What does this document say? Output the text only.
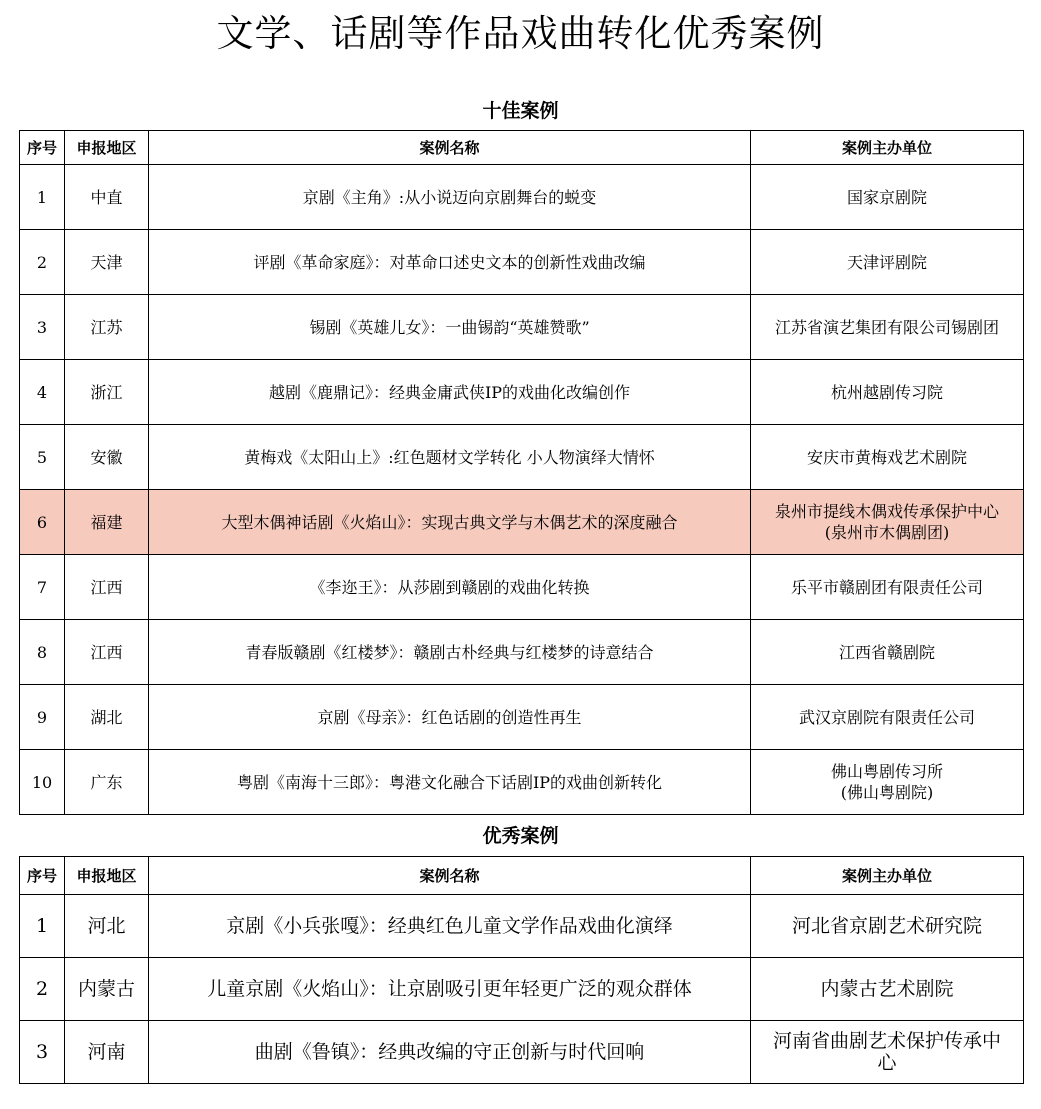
文学、话剧等作品戏曲转化优秀案例
十佳案例
序号	申报地区	案例名称	案例主办单位
1	中直	京剧《主角》:从小说迈向京剧舞台的蜕变	国家京剧院
2	天津	评剧《革命家庭》：对革命口述史文本的创新性戏曲改编	天津评剧院
3	江苏	锡剧《英雄儿女》：一曲锡韵“英雄赞歌”	江苏省演艺集团有限公司锡剧团
4	浙江	越剧《鹿鼎记》：经典金庸武侠IP的戏曲化改编创作	杭州越剧传习院
5	安徽	黄梅戏《太阳山上》:红色题材文学转化 小人物演绎大情怀	安庆市黄梅戏艺术剧院
6	福建	大型木偶神话剧《火焰山》：实现古典文学与木偶艺术的深度融合	泉州市提线木偶戏传承保护中心
(泉州市木偶剧团)

7	江西	《李迩王》：从莎剧到赣剧的戏曲化转换	乐平市赣剧团有限责任公司
8	江西	青春版赣剧《红楼梦》：赣剧古朴经典与红楼梦的诗意结合	江西省赣剧院
9	湖北	京剧《母亲》：红色话剧的创造性再生	武汉京剧院有限责任公司
10	广东	粤剧《南海十三郎》：粤港文化融合下话剧IP的戏曲创新转化	佛山粤剧传习所
(佛山粤剧院)
优秀案例
序号	申报地区	案例名称	案例主办单位
1	河北	京剧《小兵张嘎》：经典红色儿童文学作品戏曲化演绎	河北省京剧艺术研究院
2	内蒙古	儿童京剧《火焰山》：让京剧吸引更年轻更广泛的观众群体	内蒙古艺术剧院
3	河南	曲剧《鲁镇》：经典改编的守正创新与时代回响	河南省曲剧艺术保护传承中
心
